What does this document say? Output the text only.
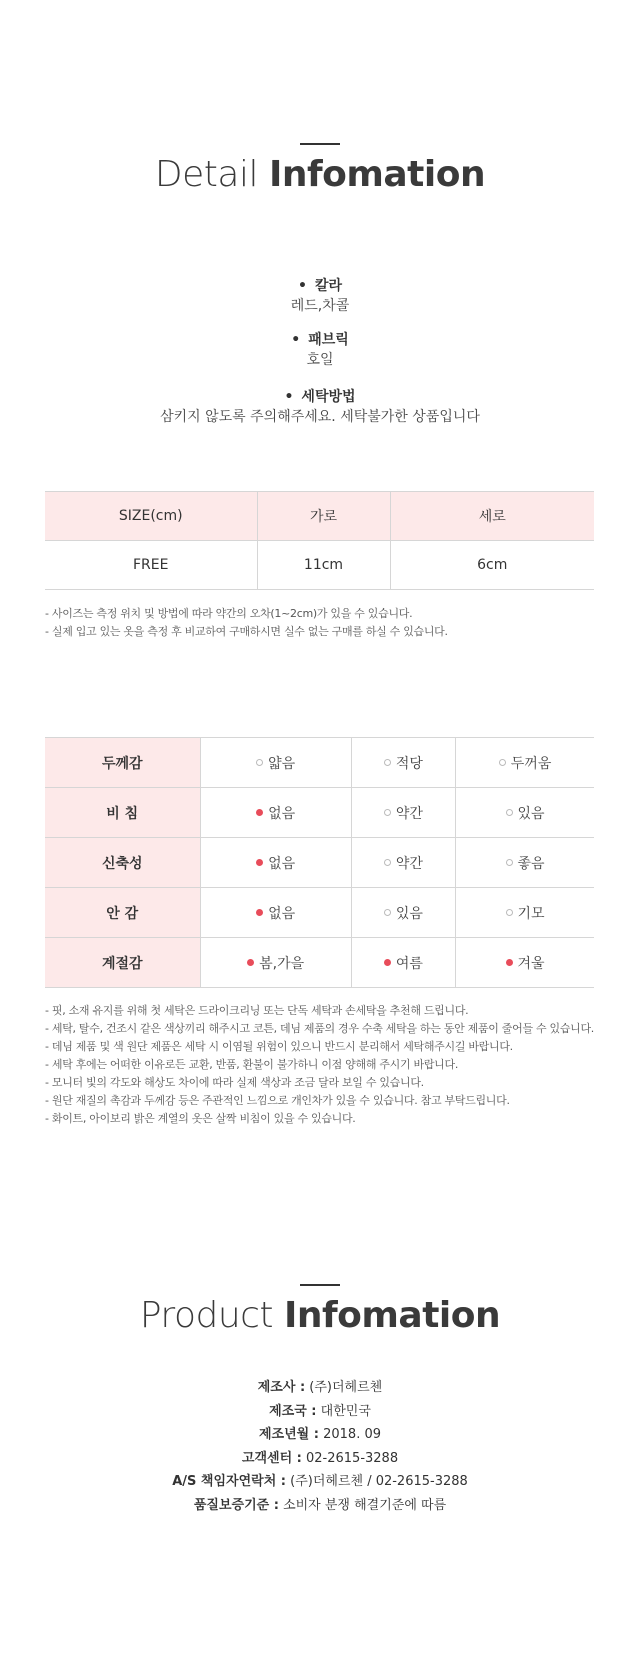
Detail Infomation
• 칼라
레드,차콜
• 패브릭
호일
• 세탁방법
삼키지 않도록 주의해주세요. 세탁불가한 상품입니다
SIZE(cm)	가로	세로
FREE	11cm	6cm
- 사이즈는 측정 위치 및 방법에 따라 약간의 오차(1~2cm)가 있을 수 있습니다.
- 실제 입고 있는 옷을 측정 후 비교하여 구매하시면 실수 없는 구매를 하실 수 있습니다.
두께감	얇음	적당	두꺼움
비 침	없음	약간	있음
신축성	없음	약간	좋음
안 감	없음	있음	기모
계절감	봄,가을	여름	겨울
- 핏, 소재 유지를 위해 첫 세탁은 드라이크리닝 또는 단독 세탁과 손세탁을 추천해 드립니다.
- 세탁, 탈수, 건조시 같은 색상끼리 해주시고 코튼, 데님 제품의 경우 수축 세탁을 하는 동안 제품이 줄어들 수 있습니다.
- 데님 제품 및 색 원단 제품은 세탁 시 이염될 위험이 있으니 반드시 분리해서 세탁해주시길 바랍니다.
- 세탁 후에는 어떠한 이유로든 교환, 반품, 환불이 불가하니 이점 양해해 주시기 바랍니다.
- 모니터 빛의 각도와 해상도 차이에 따라 실제 색상과 조금 달라 보일 수 있습니다.
- 원단 재질의 촉감과 두께감 등은 주관적인 느낌으로 개인차가 있을 수 있습니다. 참고 부탁드립니다.
- 화이트, 아이보리 밝은 계열의 옷은 살짝 비침이 있을 수 있습니다.
Product Infomation
제조사 : (주)더헤르첸
제조국 : 대한민국
제조년월 : 2018. 09
고객센터 : 02-2615-3288
A/S 책임자연락처 : (주)더헤르첸 / 02-2615-3288
품질보증기준 : 소비자 분쟁 해결기준에 따름
